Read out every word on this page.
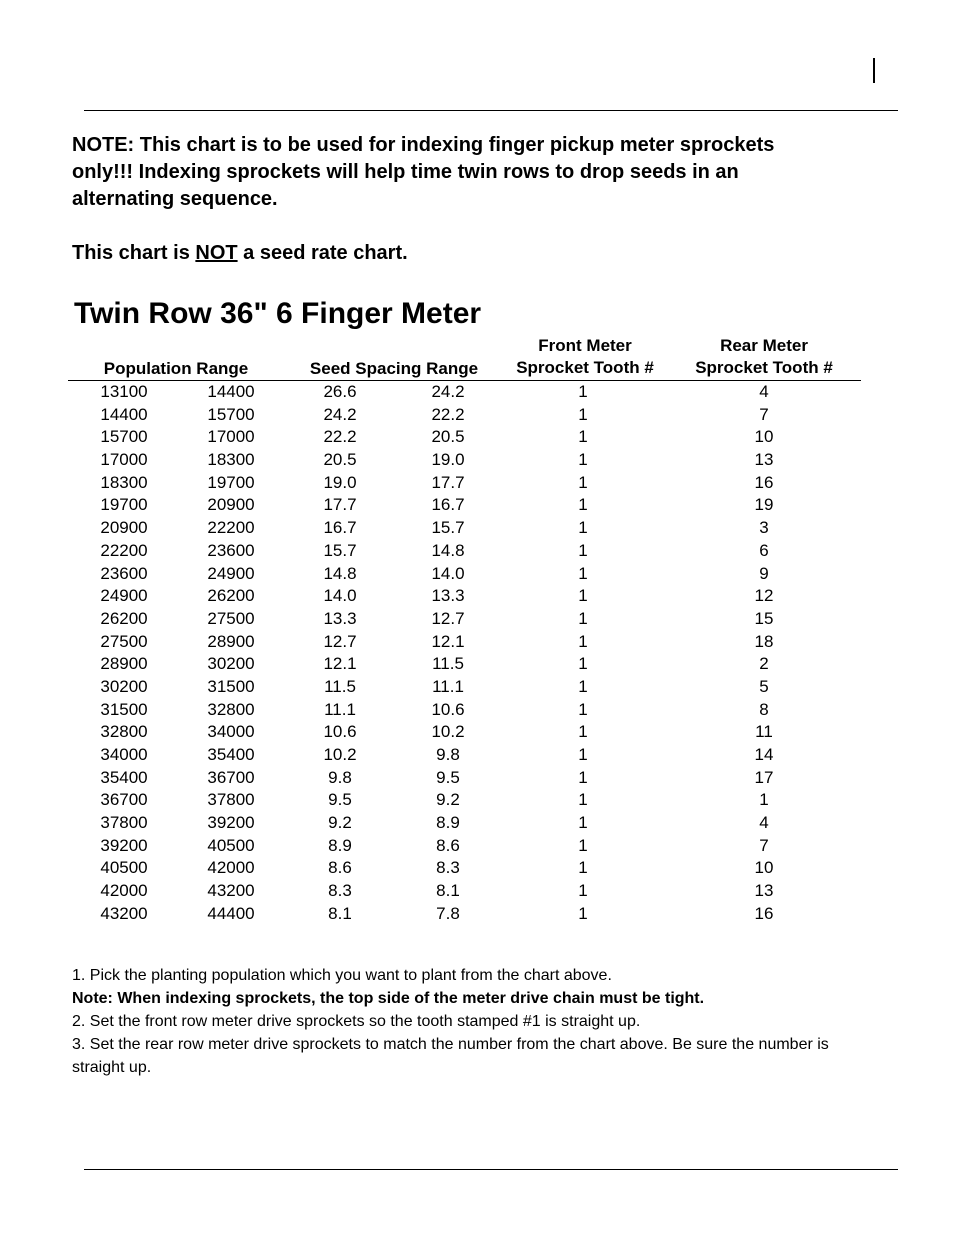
NOTE: This chart is to be used for indexing finger pickup meter sprockets only!!! Indexing sprockets will help time twin rows to drop seeds in an alternating sequence.
This chart is NOT a seed rate chart.
Twin Row 36" 6 Finger Meter
Population Range	Seed Spacing Range
Front Meter
Sprocket Tooth #
Rear Meter
Sprocket Tooth #
13100	14400	26.6	24.2	1	4
14400	15700	24.2	22.2	1	7
15700	17000	22.2	20.5	1	10
17000	18300	20.5	19.0	1	13
18300	19700	19.0	17.7	1	16
19700	20900	17.7	16.7	1	19
20900	22200	16.7	15.7	1	3
22200	23600	15.7	14.8	1	6
23600	24900	14.8	14.0	1	9
24900	26200	14.0	13.3	1	12
26200	27500	13.3	12.7	1	15
27500	28900	12.7	12.1	1	18
28900	30200	12.1	11.5	1	2
30200	31500	11.5	11.1	1	5
31500	32800	11.1	10.6	1	8
32800	34000	10.6	10.2	1	11
34000	35400	10.2	9.8	1	14
35400	36700	9.8	9.5	1	17
36700	37800	9.5	9.2	1	1
37800	39200	9.2	8.9	1	4
39200	40500	8.9	8.6	1	7
40500	42000	8.6	8.3	1	10
42000	43200	8.3	8.1	1	13
43200	44400	8.1	7.8	1	16

1. Pick the planting population which you want to plant from the chart above.

Note: When indexing sprockets, the top side of the meter drive chain must be tight.

2. Set the front row meter drive sprockets so the tooth stamped #1 is straight up.

3. Set the rear row meter drive sprockets to match the number from the chart above. Be sure the number is straight up.
